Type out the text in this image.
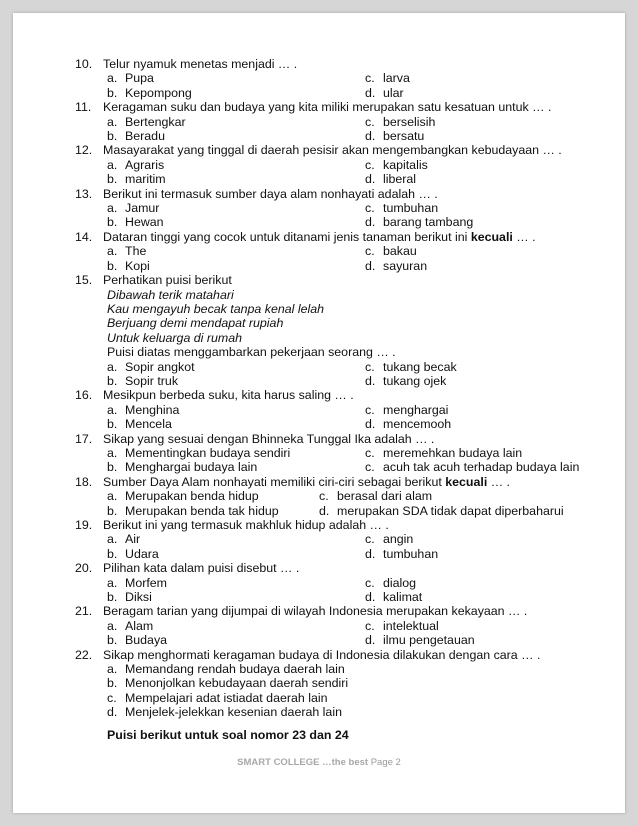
10. Telur nyamuk menetas menjadi … .
a. Pupa	c. larva
b. Kepompong	d. ular
11. Keragaman suku dan budaya yang kita miliki merupakan satu kesatuan untuk … .
a. Bertengkar	c. berselisih
b. Beradu	d. bersatu
12. Masayarakat yang tinggal di daerah pesisir akan mengembangkan kebudayaan … .
a. Agraris	c. kapitalis
b. maritim	d. liberal
13. Berikut ini termasuk sumber daya alam nonhayati adalah … .
a. Jamur	c. tumbuhan
b. Hewan	d. barang tambang
14. Dataran tinggi yang cocok untuk ditanami jenis tanaman berikut ini kecuali … .
a. The	c. bakau
b. Kopi	d. sayuran
15. Perhatikan puisi berikut
Dibawah terik matahari
Kau mengayuh becak tanpa kenal lelah
Berjuang demi mendapat rupiah
Untuk keluarga di rumah
Puisi diatas menggambarkan pekerjaan seorang … .
a. Sopir angkot	c. tukang becak
b. Sopir truk	d. tukang ojek
16. Mesikpun berbeda suku, kita harus saling … .
a. Menghina	c. menghargai
b. Mencela	d. mencemooh
17. Sikap yang sesuai dengan Bhinneka Tunggal Ika adalah … .
a. Mementingkan budaya sendiri	c. meremehkan budaya lain
b. Menghargai budaya lain	c. acuh tak acuh terhadap budaya lain
18. Sumber Daya Alam nonhayati memiliki ciri-ciri sebagai berikut kecuali … .
a. Merupakan benda hidup	c. berasal dari alam
b. Merupakan benda tak hidup	d. merupakan SDA tidak dapat diperbaharui
19. Berikut ini yang termasuk makhluk hidup adalah … .
a. Air	c. angin
b. Udara	d. tumbuhan
20. Pilihan kata dalam puisi disebut … .
a. Morfem	c. dialog
b. Diksi	d. kalimat
21. Beragam tarian yang dijumpai di wilayah Indonesia merupakan kekayaan … .
a. Alam	c. intelektual
b. Budaya	d. ilmu pengetauan
22. Sikap menghormati keragaman budaya di Indonesia dilakukan dengan cara … .
a. Memandang rendah budaya daerah lain
b. Menonjolkan kebudayaan daerah sendiri
c. Mempelajari adat istiadat daerah lain
d. Menjelek-jelekkan kesenian daerah lain
Puisi berikut untuk soal nomor 23 dan 24
SMART COLLEGE …the best Page 2
